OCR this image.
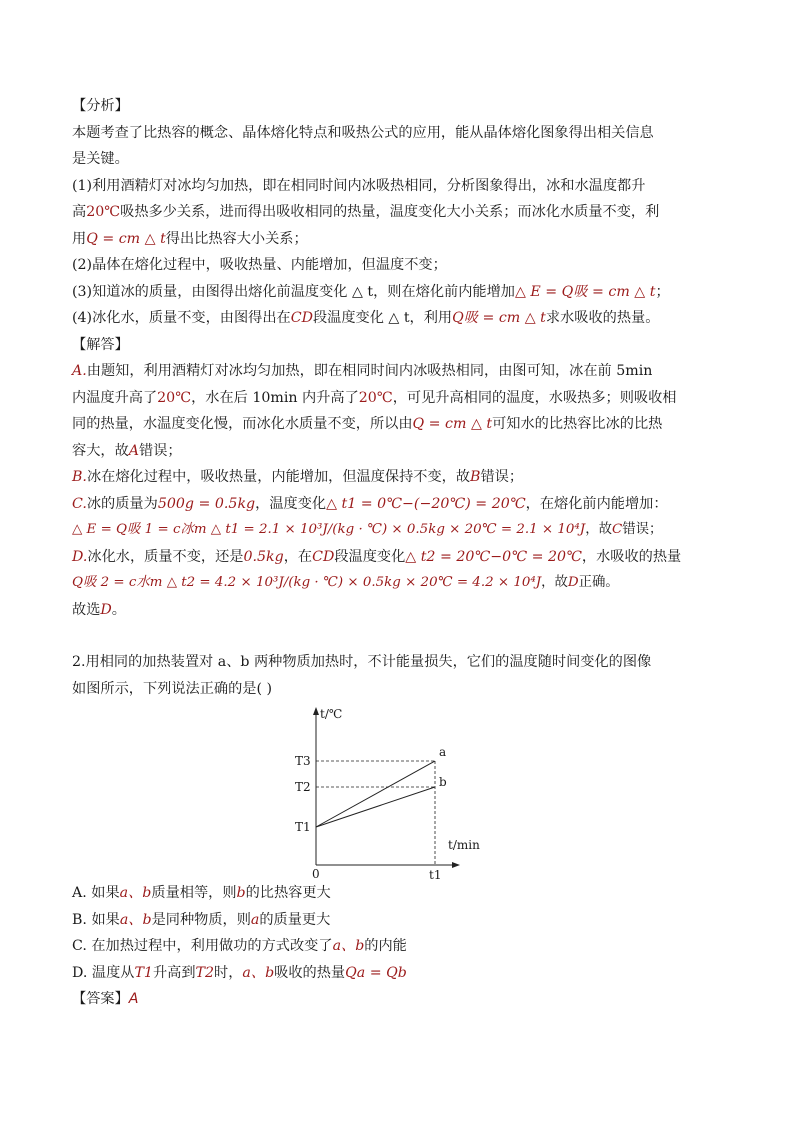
【分析】
本题考查了比热容的概念、晶体熔化特点和吸热公式的应用，能从晶体熔化图象得出相关信息
是关键。
(1)利用酒精灯对冰均匀加热，即在相同时间内冰吸热相同，分析图象得出，冰和水温度都升
高20℃吸热多少关系，进而得出吸收相同的热量，温度变化大小关系；而冰化水质量不变，利
用Q = cm △ t得出比热容大小关系；
(2)晶体在熔化过程中，吸收热量、内能增加，但温度不变；
(3)知道冰的质量，由图得出熔化前温度变化 △ t，则在熔化前内能增加△ E = Q吸 = cm △ t；
(4)冰化水，质量不变，由图得出在CD段温度变化 △ t，利用Q吸 = cm △ t求水吸收的热量。
【解答】
A.由题知，利用酒精灯对冰均匀加热，即在相同时间内冰吸热相同，由图可知，冰在前 5min
内温度升高了20℃，水在后 10min 内升高了20℃，可见升高相同的温度，水吸热多；则吸收相
同的热量，水温度变化慢，而冰化水质量不变，所以由Q = cm △ t可知水的比热容比冰的比热
容大，故A错误；
B.冰在熔化过程中，吸收热量，内能增加，但温度保持不变，故B错误；
C.冰的质量为500g = 0.5kg，温度变化△ t1 = 0℃−(−20℃) = 20℃，在熔化前内能增加：
△ E = Q吸 1 = c冰m △ t1 = 2.1 × 10³J/(kg · ℃) × 0.5kg × 20℃ = 2.1 × 10⁴J，故C错误；
D.冰化水，质量不变，还是0.5kg，在CD段温度变化△ t2 = 20℃−0℃ = 20℃，水吸收的热量
Q吸 2 = c水m △ t2 = 4.2 × 10³J/(kg · ℃) × 0.5kg × 20℃ = 4.2 × 10⁴J，故D正确。
故选D。
2.用相同的加热装置对 a、b 两种物质加热时，不计能量损失，它们的温度随时间变化的图像
如图所示，下列说法正确的是( )
t/℃
t/min
0
T3
T2
T1
t1
a
b
A. 如果a、b质量相等，则b的比热容更大
B. 如果a、b是同种物质，则a的质量更大
C. 在加热过程中，利用做功的方式改变了a、b的内能
D. 温度从T1升高到T2时，a、b吸收的热量Qa = Qb
【答案】A
